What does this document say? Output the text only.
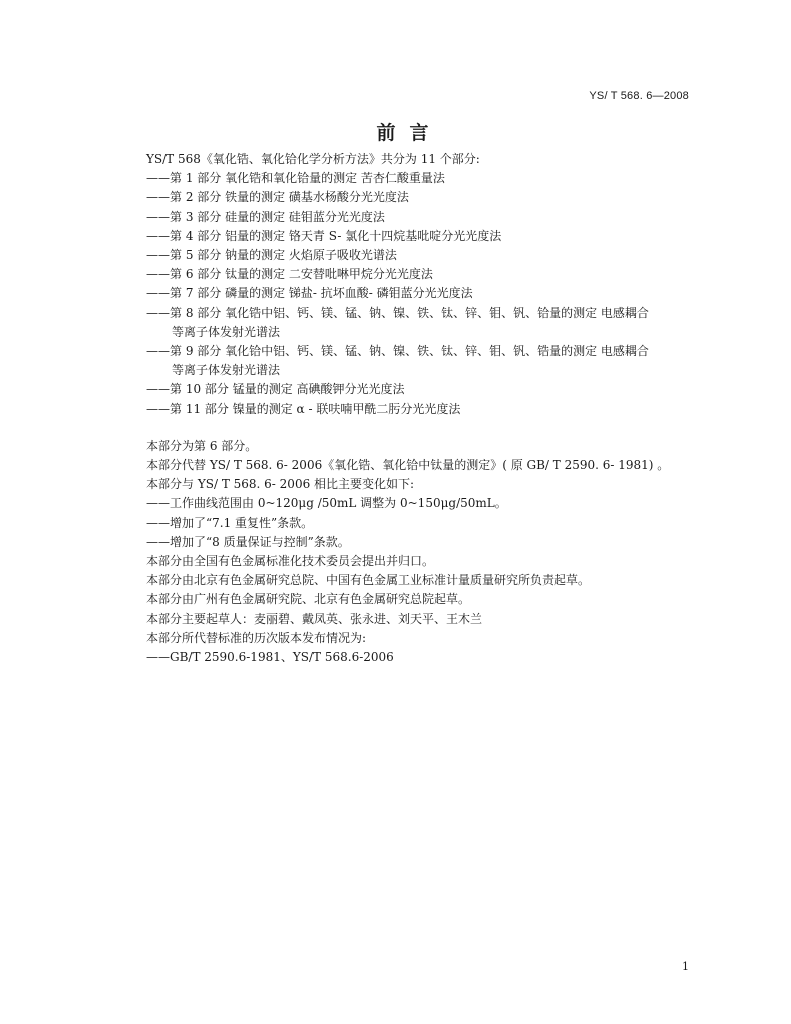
YS/ T 568. 6—2008
前言
YS/T 568《氧化锆、氧化铪化学分析方法》共分为 11 个部分:
——第 1 部分 氧化锆和氧化铪量的测定 苦杏仁酸重量法
——第 2 部分 铁量的测定 磺基水杨酸分光光度法
——第 3 部分 硅量的测定 硅钼蓝分光光度法
——第 4 部分 铝量的测定 铬天青 S- 氯化十四烷基吡啶分光光度法
——第 5 部分 钠量的测定 火焰原子吸收光谱法
——第 6 部分 钛量的测定 二安替吡啉甲烷分光光度法
——第 7 部分 磷量的测定 锑盐- 抗坏血酸- 磷钼蓝分光光度法
——第 8 部分 氧化锆中铝、钙、镁、锰、钠、镍、铁、钛、锌、钼、钒、铪量的测定 电感耦合
等离子体发射光谱法
——第 9 部分 氧化铪中铝、钙、镁、锰、钠、镍、铁、钛、锌、钼、钒、锆量的测定 电感耦合
等离子体发射光谱法
——第 10 部分 锰量的测定 高碘酸钾分光光度法
——第 11 部分 镍量的测定 α - 联呋喃甲酰二肟分光光度法
本部分为第 6 部分。
本部分代替 YS/ T 568. 6- 2006《氧化锆、氧化铪中钛量的测定》( 原 GB/ T 2590. 6- 1981) 。
本部分与 YS/ T 568. 6- 2006 相比主要变化如下:
——工作曲线范围由 0~120μg /50mL 调整为 0~150μg/50mL。
——增加了“7.1 重复性”条款。
——增加了“8 质量保证与控制”条款。
本部分由全国有色金属标准化技术委员会提出并归口。
本部分由北京有色金属研究总院、中国有色金属工业标准计量质量研究所负责起草。
本部分由广州有色金属研究院、北京有色金属研究总院起草。
本部分主要起草人：麦丽碧、戴凤英、张永进、刘天平、王木兰
本部分所代替标准的历次版本发布情况为:
——GB/T 2590.6-1981、YS/T 568.6-2006
1
